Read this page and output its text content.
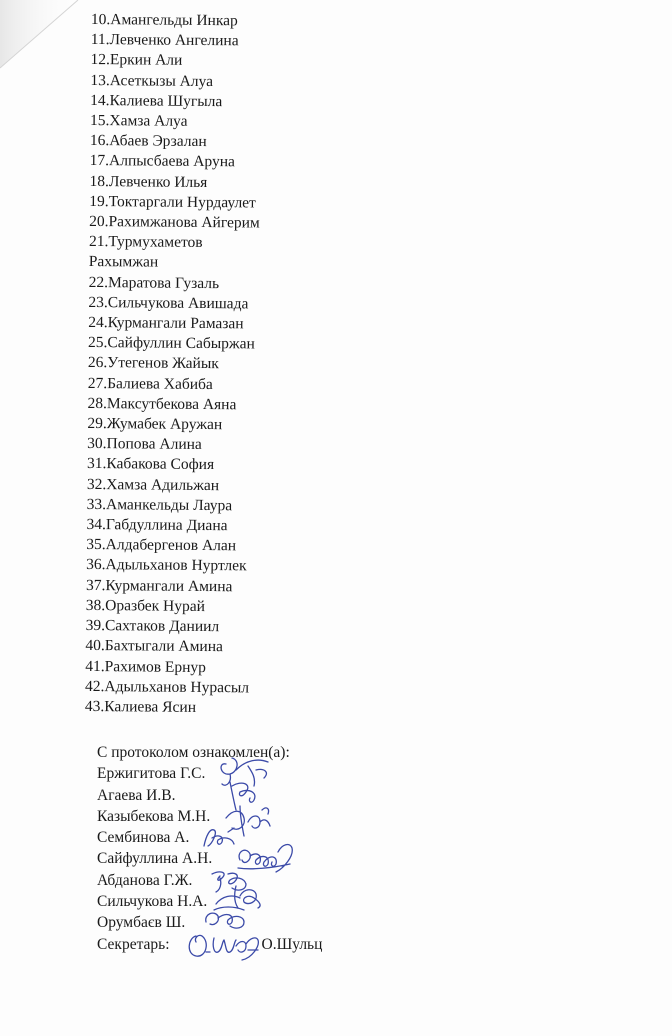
10.Амангельды Инкар
11.Левченко Ангелина
12.Еркин Али
13.Асеткызы Алуа
14.Калиева Шугыла
15.Хамза Алуа
16.Абаев Эрзалан
17.Алпысбаева Аруна
18.Левченко Илья
19.Токтаргали Нурдаулет
20.Рахимжанова Айгерим
21.Турмухаметов
Рахымжан
22.Маратова Гузаль
23.Сильчукова Авишада
24.Курмангали Рамазан
25.Сайфуллин Сабыржан
26.Утегенов Жайык
27.Балиева Хабиба
28.Максутбекова Аяна
29.Жумабек Аружан
30.Попова Алина
31.Кабакова София
32.Хамза Адильжан
33.Аманкельды Лаура
34.Габдуллина Диана
35.Алдабергенов Алан
36.Адыльханов Нуртлек
37.Курмангали Амина
38.Оразбек Нурай
39.Сахтаков Даниил
40.Бахтыгали Амина
41.Рахимов Ернур
42.Адыльханов Нурасыл
43.Калиева Ясин
С протоколом ознакомлен(а):
Ержигитова Г.С.
Агаева И.В.
Казыбекова М.Н.
Сембинова А.
Сайфуллина А.Н.
Абданова Г.Ж.
Сильчукова Н.А.
Орумбаєв Ш.
Секретарь:	О.Шульц
